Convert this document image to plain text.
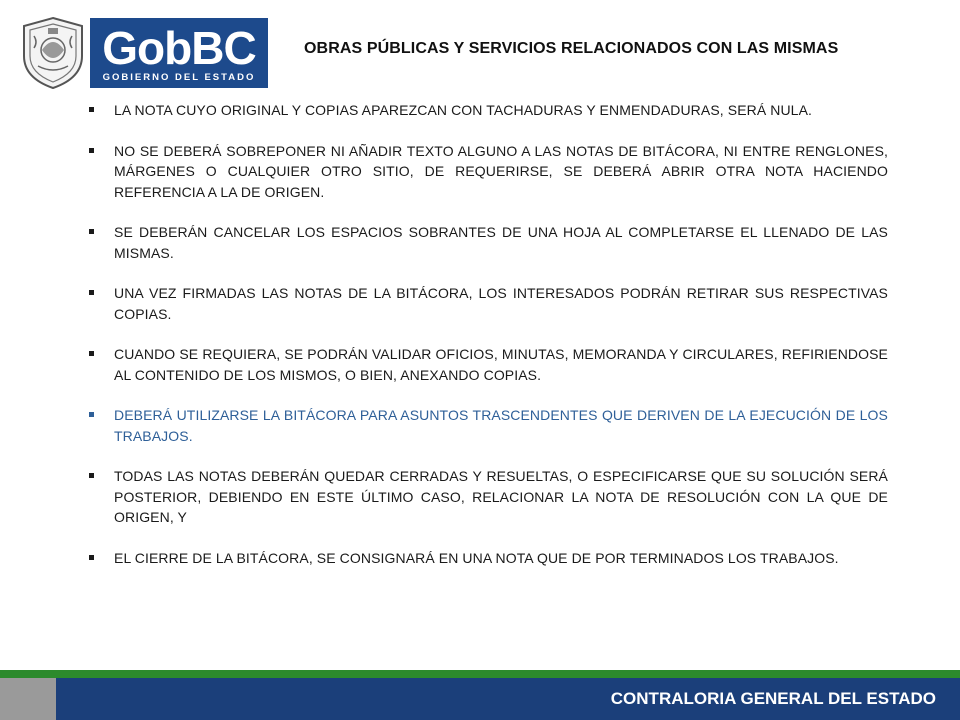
GobBC
GOBIERNO DEL ESTADO
OBRAS PÚBLICAS Y SERVICIOS RELACIONADOS CON LAS MISMAS
LA NOTA CUYO ORIGINAL Y COPIAS APAREZCAN CON TACHADURAS Y ENMENDADURAS, SERÁ NULA.
NO SE DEBERÁ SOBREPONER NI AÑADIR TEXTO ALGUNO A LAS NOTAS DE BITÁCORA, NI ENTRE RENGLONES, MÁRGENES O CUALQUIER OTRO SITIO, DE REQUERIRSE, SE DEBERÁ ABRIR OTRA NOTA HACIENDO REFERENCIA A LA DE ORIGEN.
SE DEBERÁN CANCELAR LOS ESPACIOS SOBRANTES DE UNA HOJA AL COMPLETARSE EL LLENADO DE LAS MISMAS.
UNA VEZ FIRMADAS LAS NOTAS DE LA BITÁCORA, LOS INTERESADOS PODRÁN RETIRAR SUS RESPECTIVAS COPIAS.
CUANDO SE REQUIERA, SE PODRÁN VALIDAR OFICIOS, MINUTAS, MEMORANDA Y CIRCULARES, REFIRIENDOSE AL CONTENIDO DE LOS MISMOS, O BIEN, ANEXANDO COPIAS.
DEBERÁ UTILIZARSE LA BITÁCORA PARA ASUNTOS TRASCENDENTES QUE DERIVEN DE LA EJECUCIÓN DE LOS TRABAJOS.
TODAS LAS NOTAS DEBERÁN QUEDAR CERRADAS Y RESUELTAS, O ESPECIFICARSE QUE SU SOLUCIÓN SERÁ POSTERIOR, DEBIENDO EN ESTE ÚLTIMO CASO, RELACIONAR LA NOTA DE RESOLUCIÓN CON LA QUE DE ORIGEN, Y
EL CIERRE DE LA BITÁCORA, SE CONSIGNARÁ EN UNA NOTA QUE DE POR TERMINADOS LOS TRABAJOS.
CONTRALORIA GENERAL DEL ESTADO
